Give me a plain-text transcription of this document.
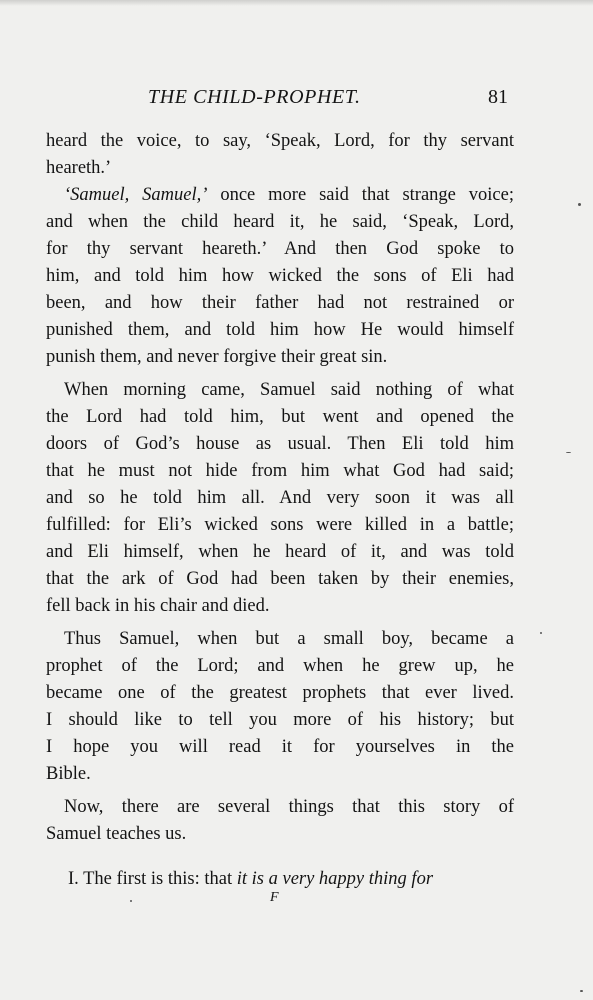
THE CHILD-PROPHET.	81
heard the voice, to say, ‘Speak, Lord, for thy servant
heareth.’
‘Samuel, Samuel,’ once more said that strange voice;
and when the child heard it, he said, ‘Speak, Lord,
for thy servant heareth.’ And then God spoke to
him, and told him how wicked the sons of Eli had
been, and how their father had not restrained or
punished them, and told him how He would himself
punish them, and never forgive their great sin.
When morning came, Samuel said nothing of what
the Lord had told him, but went and opened the
doors of God’s house as usual. Then Eli told him
that he must not hide from him what God had said;
and so he told him all. And very soon it was all
fulfilled: for Eli’s wicked sons were killed in a battle;
and Eli himself, when he heard of it, and was told
that the ark of God had been taken by their enemies,
fell back in his chair and died.
Thus Samuel, when but a small boy, became a
prophet of the Lord; and when he grew up, he
became one of the greatest prophets that ever lived.
I should like to tell you more of his history; but
I hope you will read it for yourselves in the
Bible.
Now, there are several things that this story of
Samuel teaches us.
I. The first is this: that it is a very happy thing for
F
